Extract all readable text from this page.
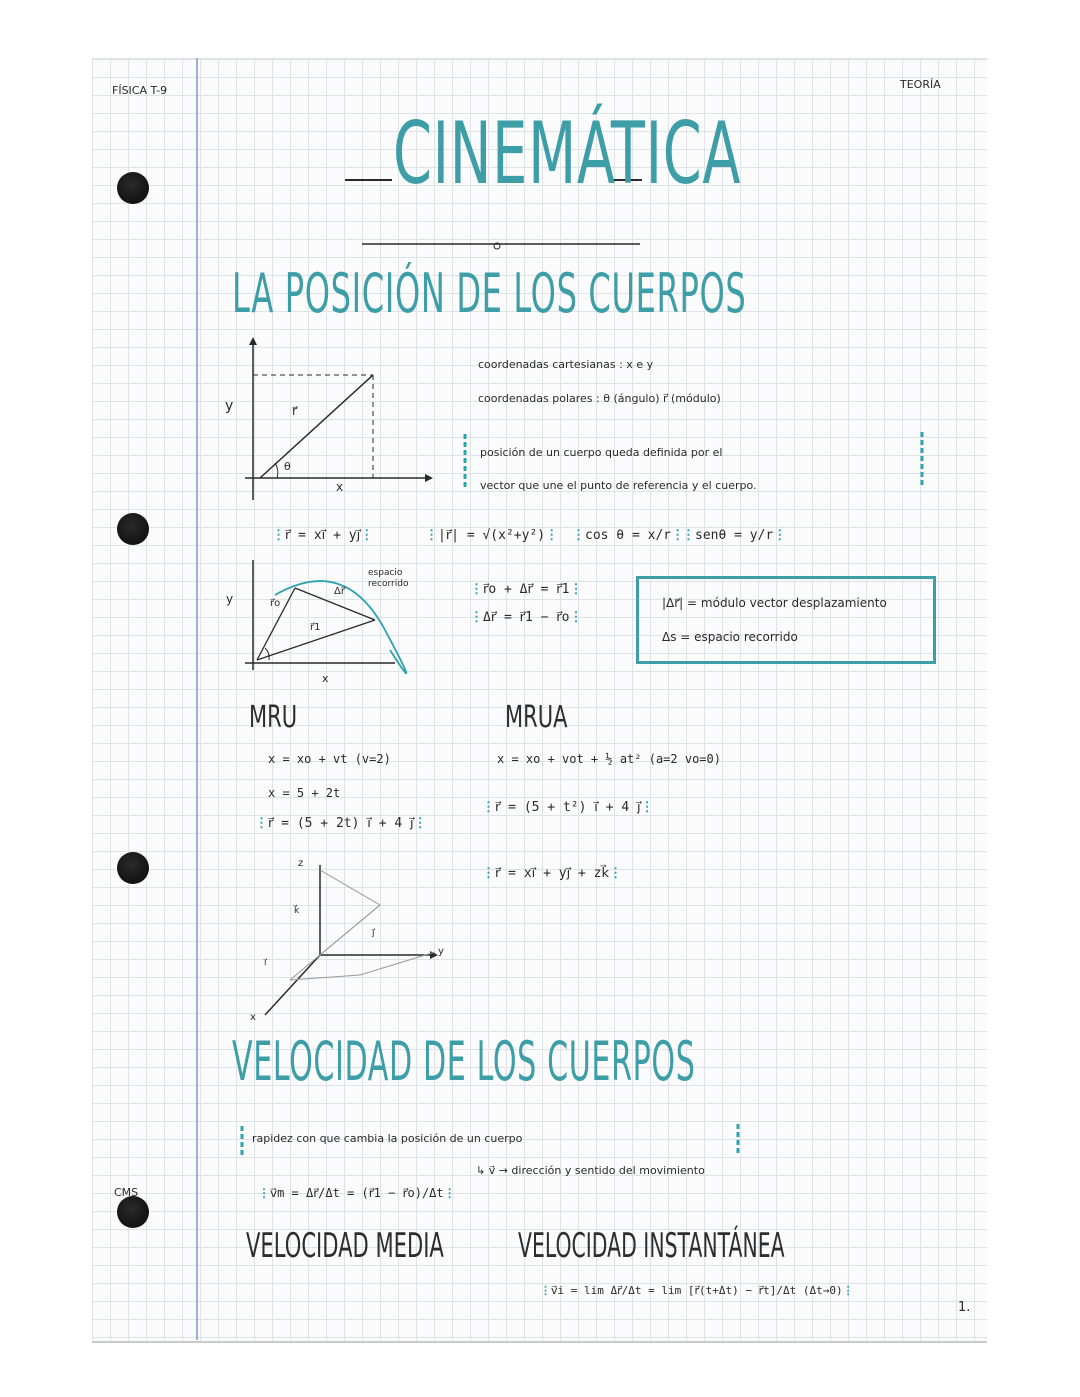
FÍSICA T-9	TEORÍA
CMS
1.
CINEMÁTICA
LA POSICIÓN DE LOS CUERPOS
y
x
r⃗
θ
coordenadas cartesianas : x e y
coordenadas polares : θ (ángulo) r⃗ (módulo)
posición de un cuerpo queda definida por el
vector que une el punto de referencia y el cuerpo.
⋮r⃗ = xi⃗ + yj⃗⋮	⋮|r⃗| = √(x²+y²)⋮ ⋮cos θ = x/r⋮
⋮senθ = y/r⋮
y
x
r⃗o
r⃗1
Δr⃗
espacio recorrido	⋮r⃗o + Δr⃗ = r⃗1⋮
⋮Δr⃗ = r⃗1 − r⃗o⋮
|Δr⃗| = módulo vector desplazamiento
Δs = espacio recorrido
MRU
x = xo + vt (v=2)
x = 5 + 2t
⋮r⃗ = (5 + 2t) i⃗ + 4 j⃗⋮
z
y
x
k⃗
j⃗
i⃗
MRUA
x = xo + vot + ½ at² (a=2 vo=0)
⋮r⃗ = (5 + t²) i⃗ + 4 j⃗⋮
⋮r⃗ = xi⃗ + yj⃗ + zk⃗⋮
VELOCIDAD DE LOS CUERPOS
rapidez con que cambia la posición de un cuerpo
↳ v⃗ → dirección y sentido del movimiento
⋮v⃗m = Δr⃗/Δt = (r⃗1 − r⃗o)/Δt⋮
VELOCIDAD MEDIA VELOCIDAD INSTANTÁNEA
⋮v⃗i = lim Δr⃗/Δt = lim [r⃗(t+Δt) − r⃗t]/Δt (Δt→0)⋮
